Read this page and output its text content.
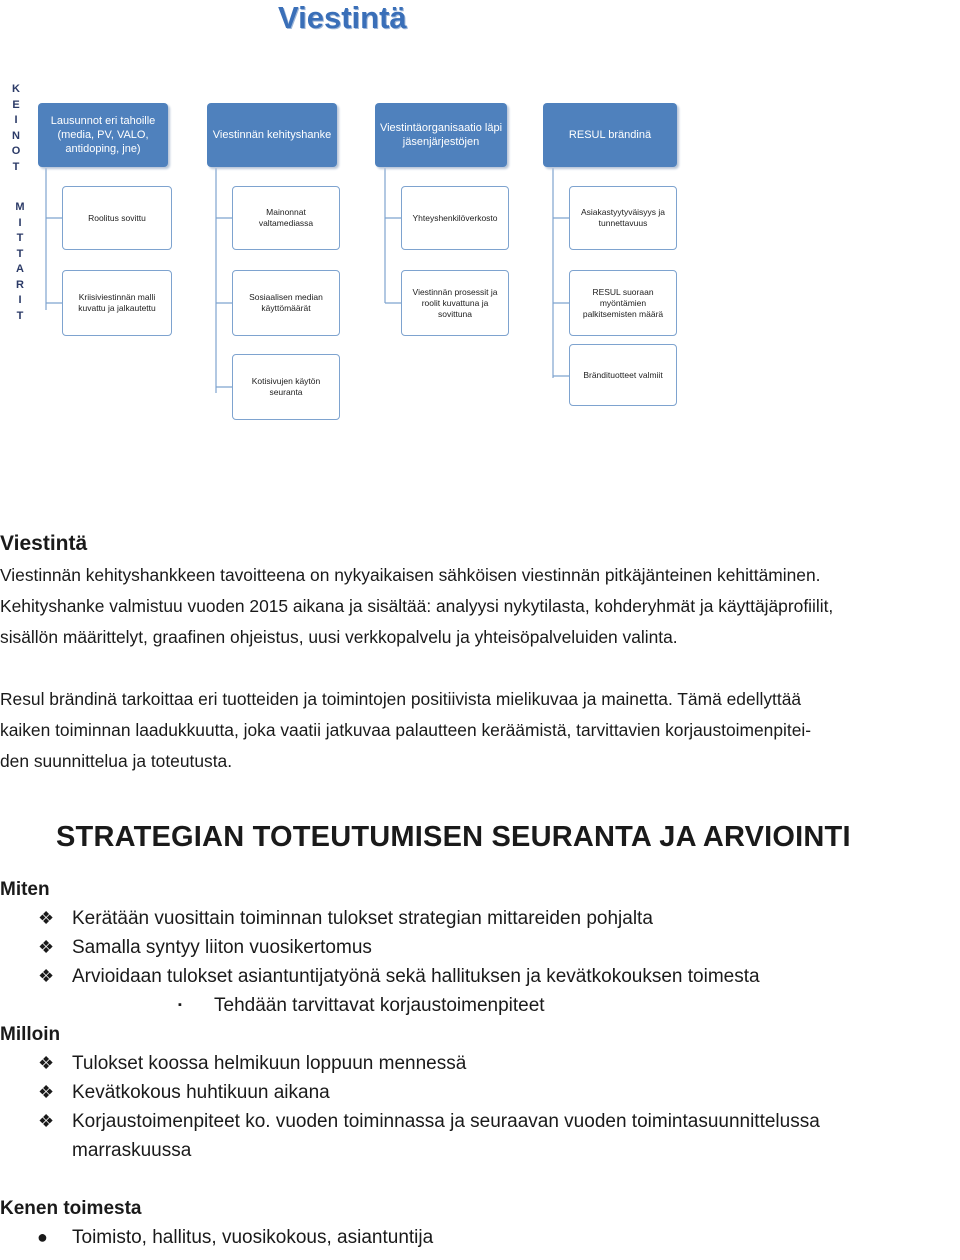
Viestintä
K
E
I
N
O
T
M
I
T
T
A
R
I
T
Lausunnot eri tahoille (media, PV, VALO, antidoping, jne)
Viestinnän kehityshanke
Viestintäorganisaatio läpi jäsenjärjestöjen
RESUL brändinä
Roolitus sovittu
Kriisiviestinnän malli kuvattu ja jalkautettu
Mainonnat valtamediassa
Sosiaalisen median käyttömäärät
Kotisivujen käytön seuranta
Yhteyshenkilöverkosto
Viestinnän prosessit ja roolit kuvattuna ja sovittuna
Asiakastyytyväisyys ja tunnettavuus
RESUL suoraan myöntämien palkitsemisten määrä
Brändituotteet valmiit
Viestintä

Viestinnän kehityshankkeen tavoitteena on nykyaikaisen sähköisen viestinnän pitkäjänteinen kehittäminen.

Kehityshanke valmistuu vuoden 2015 aikana ja sisältää: analyysi nykytilasta, kohderyhmät ja käyttäjäprofiilit,

sisällön määrittelyt, graafinen ohjeistus, uusi verkkopalvelu ja yhteisöpalveluiden valinta.

Resul brändinä tarkoittaa eri tuotteiden ja toimintojen positiivista mielikuvaa ja mainetta. Tämä edellyttää

kaiken toiminnan laadukkuutta, joka vaatii jatkuvaa palautteen keräämistä, tarvittavien korjaustoimenpitei-

den suunnittelua ja toteutusta.

STRATEGIAN TOTEUTUMISEN SEURANTA JA ARVIOINTI

Miten

❖ Kerätään vuosittain toiminnan tulokset strategian mittareiden pohjalta

❖ Samalla syntyy liiton vuosikertomus

❖ Arvioidaan tulokset asiantuntijatyönä sekä hallituksen ja kevätkokouksen toimesta

▪ Tehdään tarvittavat korjaustoimenpiteet

Milloin

❖ Tulokset koossa helmikuun loppuun mennessä

❖ Kevätkokous huhtikuun aikana

❖ Korjaustoimenpiteet ko. vuoden toiminnassa ja seuraavan vuoden toimintasuunnittelussa

marraskuussa

Kenen toimesta

● Toimisto, hallitus, vuosikokous, asiantuntija
